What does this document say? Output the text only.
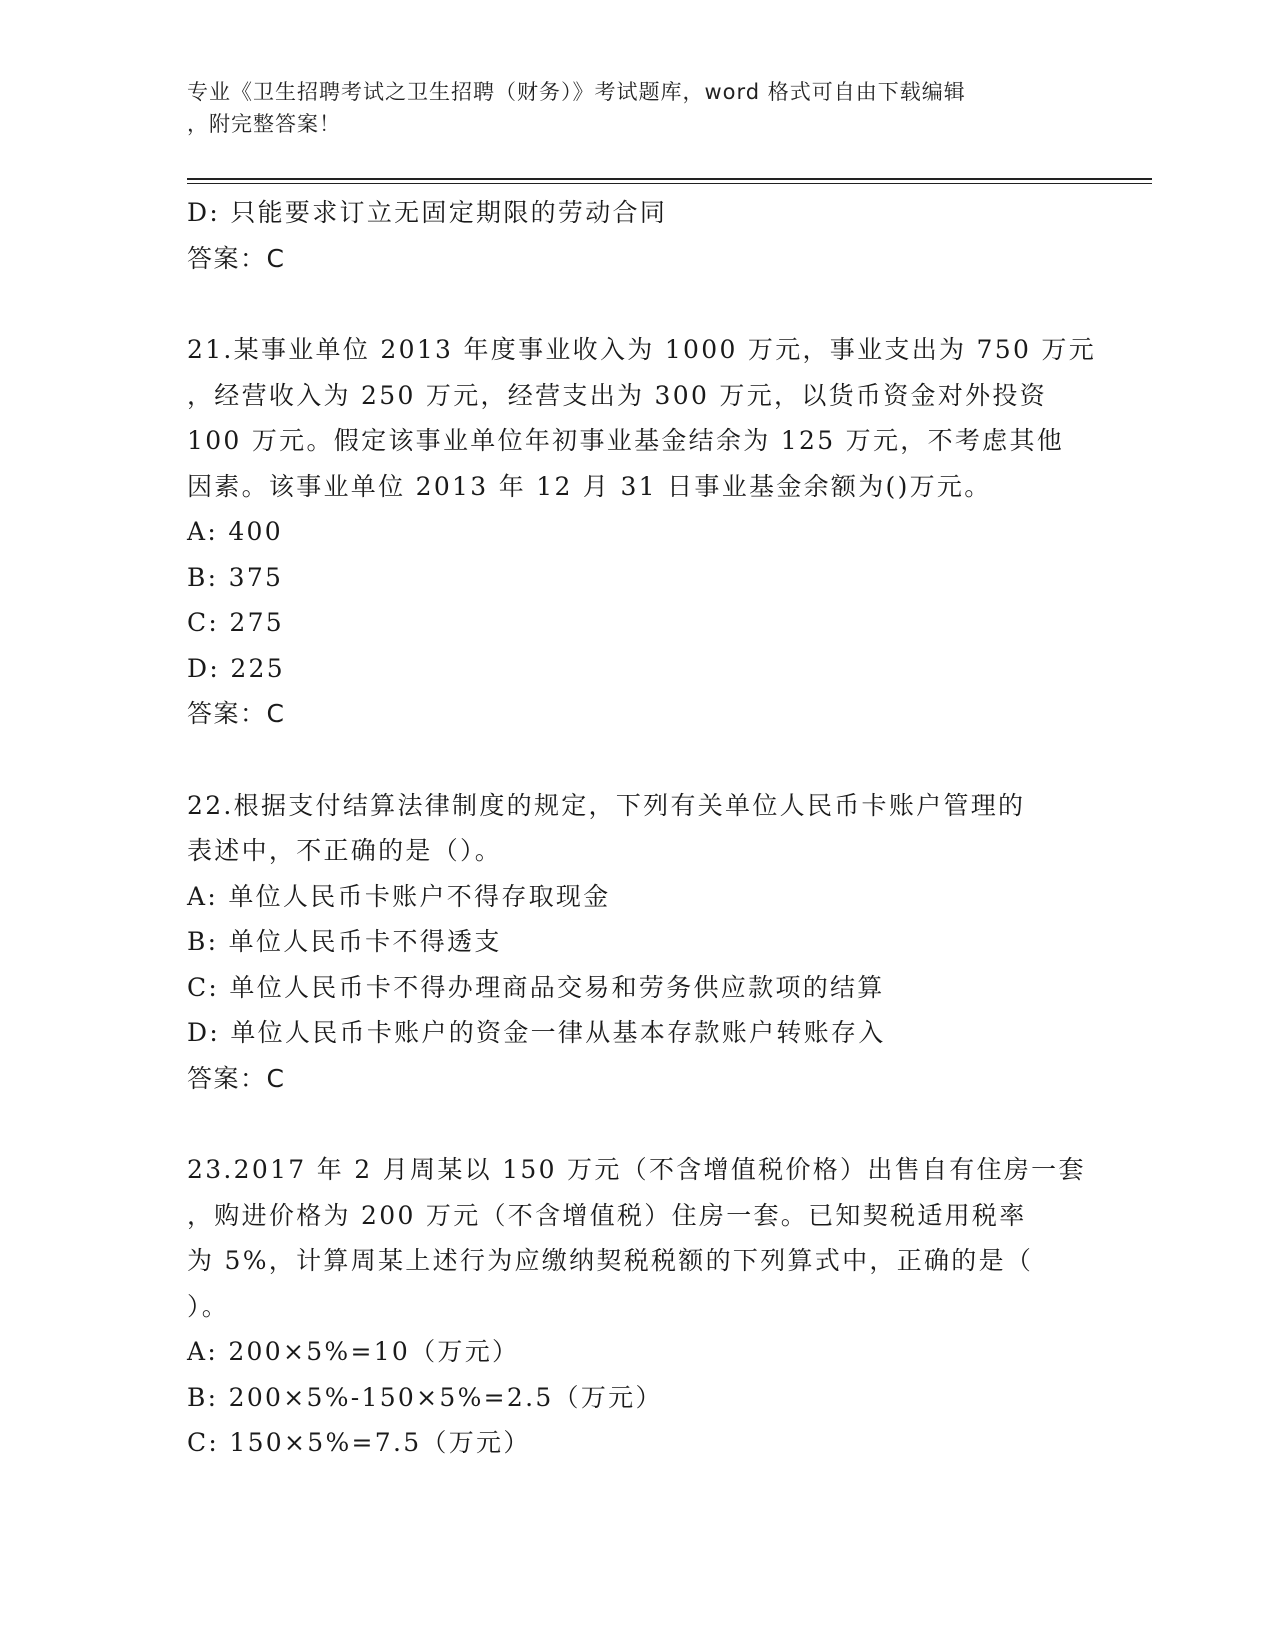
专业《卫生招聘考试之卫生招聘（财务）》考试题库，word 格式可自由下载编辑
，附完整答案！
D: 只能要求订立无固定期限的劳动合同
答案：C
21.某事业单位 2013 年度事业收入为 1000 万元，事业支出为 750 万元
，经营收入为 250 万元，经营支出为 300 万元，以货币资金对外投资
100 万元。假定该事业单位年初事业基金结余为 125 万元，不考虑其他
因素。该事业单位 2013 年 12 月 31 日事业基金余额为()万元。
A: 400
B: 375
C: 275
D: 225
答案：C
22.根据支付结算法律制度的规定，下列有关单位人民币卡账户管理的
表述中，不正确的是（）。
A: 单位人民币卡账户不得存取现金
B: 单位人民币卡不得透支
C: 单位人民币卡不得办理商品交易和劳务供应款项的结算
D: 单位人民币卡账户的资金一律从基本存款账户转账存入
答案：C
23.2017 年 2 月周某以 150 万元（不含增值税价格）出售自有住房一套
，购进价格为 200 万元（不含增值税）住房一套。已知契税适用税率
为 5%，计算周某上述行为应缴纳契税税额的下列算式中，正确的是（
）。
A: 200×5%=10（万元）
B: 200×5%-150×5%=2.5（万元）
C: 150×5%=7.5（万元）
